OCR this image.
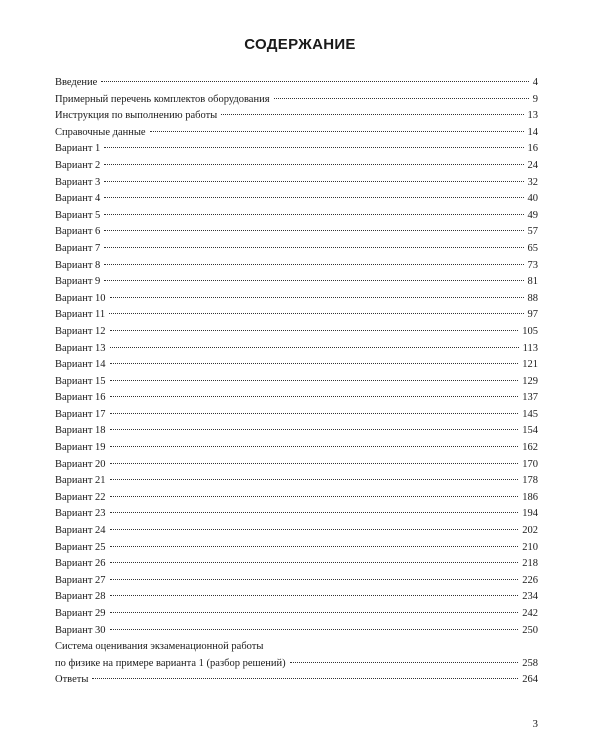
СОДЕРЖАНИЕ
Введение	4
Примерный перечень комплектов оборудования	9
Инструкция по выполнению работы	13
Справочные данные	14
Вариант 1	16
Вариант 2	24
Вариант 3	32
Вариант 4	40
Вариант 5	49
Вариант 6	57
Вариант 7	65
Вариант 8	73
Вариант 9	81
Вариант 10	88
Вариант 11	97
Вариант 12	105
Вариант 13	113
Вариант 14	121
Вариант 15	129
Вариант 16	137
Вариант 17	145
Вариант 18	154
Вариант 19	162
Вариант 20	170
Вариант 21	178
Вариант 22	186
Вариант 23	194
Вариант 24	202
Вариант 25	210
Вариант 26	218
Вариант 27	226
Вариант 28	234
Вариант 29	242
Вариант 30	250
Система оценивания экзаменационной работы
по физике на примере варианта 1 (разбор решений)	258
Ответы	264
3
